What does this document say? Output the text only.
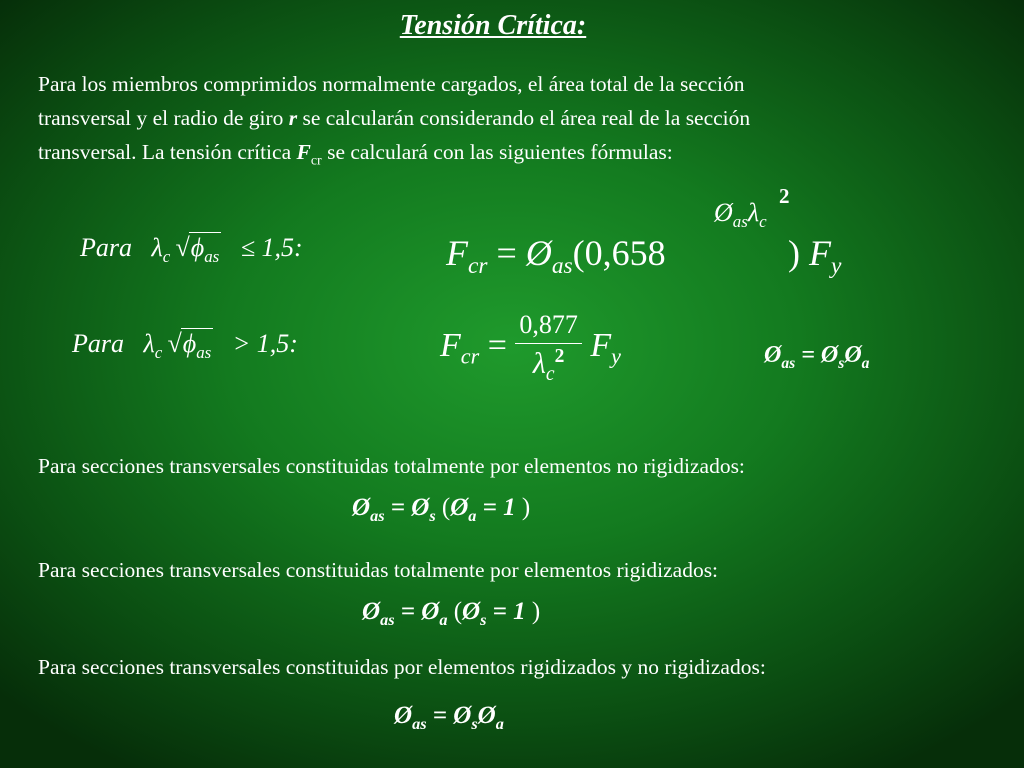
Tensión Crítica:
Para los miembros comprimidos normalmente cargados, el área total de la sección
transversal y el radio de giro r se calcularán considerando el área real de la sección
transversal. La tensión crítica $F_{cr}$ se calculará con las siguientes fórmulas:
Para $\lambda_c$  $√\phi_{as} \le 1,5$:	$F_{cr}$ = $Ø_{as}(0,658$
$Ø_{as}\lambda_c$
2
) $F_y$
Para $\lambda_c$  $√\phi_{as} > 1,5$:	$F_{cr} = \frac{0,877}{\lambda_c^2} F_y$	$Ø_{as}$ = $Ø_sØ_a$
Para secciones transversales constituidas totalmente por elementos no rigidizados:
$Ø_{as}$ = $Ø_s$ ($Ø_a = 1$ )
Para secciones transversales constituidas totalmente por elementos rigidizados:
$Ø_{as}$ = $Ø_a$ ($Ø_s = 1$ )
Para secciones transversales constituidas por elementos rigidizados y no rigidizados:
$Ø_{as}$ = $Ø_sØ_a$
